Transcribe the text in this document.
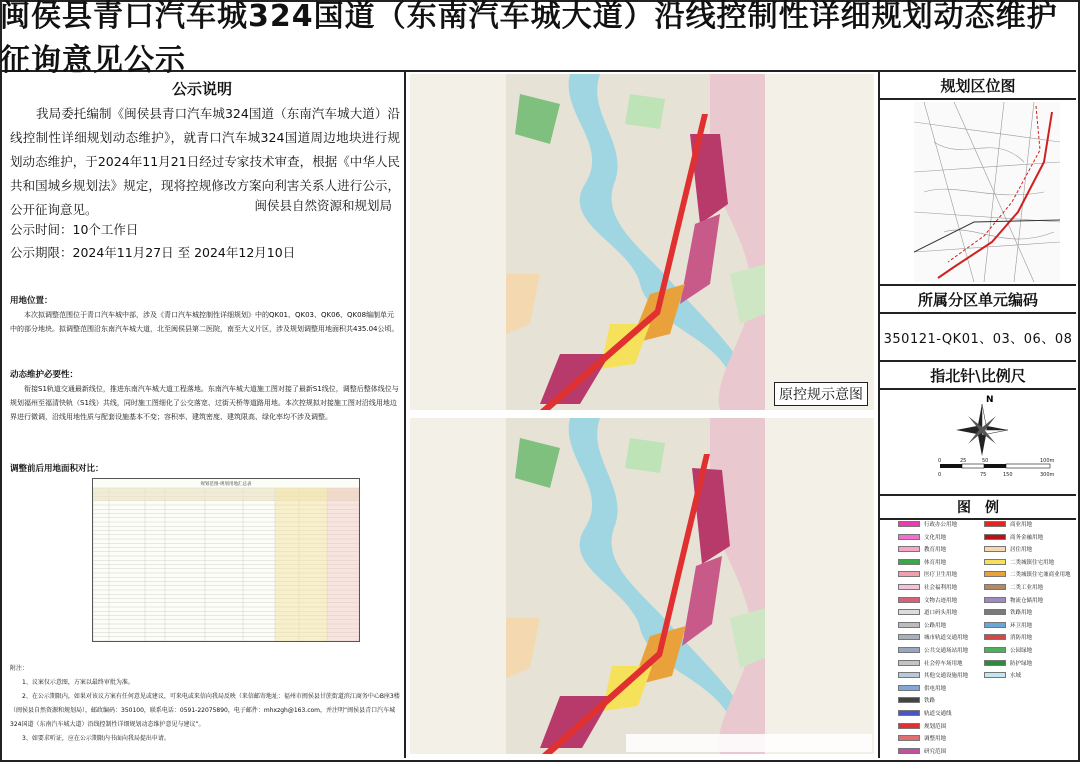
闽侯县青口汽车城324国道（东南汽车城大道）沿线控制性详细规划动态维护征询意见公示
公示说明
我局委托编制《闽侯县青口汽车城324国道（东南汽车城大道）沿线控制性详细规划动态维护》，就青口汽车城324国道周边地块进行规划动态维护，于2024年11月21日经过专家技术审查，根据《中华人民共和国城乡规划法》规定，现将控规修改方案向利害关系人进行公示，公开征询意见。	闽侯县自然资源和规划局
公示时间：10个工作日
公示期限：2024年11月27日 至 2024年12月10日
用地位置：
本次拟调整范围位于青口汽车城中部，涉及《青口汽车城控制性详细规划》中的QK01、QK03、QK06、QK08编制单元中的部分地块。拟调整范围沿东南汽车城大道，北至闽侯县第二医院，南至大义片区，涉及规划调整用地面积共435.04公顷。
动态维护必要性：
衔接S1轨道交通最新线位，推进东南汽车城大道工程落地。东南汽车城大道施工图对接了最新S1线位，调整后整体线位与规划福州至福清快轨（S1线）共线，同时施工图细化了公交落宽、过街天桥等道路用地。本次控规拟对接施工图对沿线用地边界进行微调，沿线用地性质与配套设施基本不变；容积率、建筑密度、建筑限高、绿化率均不涉及调整。
调整前后用地面积对比：
规划范围-规划用地汇总表
附注：
1、议案仅示意图，方案以最终审批为准。
2、在公示期限内，如果对该议方案有任何意见或建议，可来电或来信向我局反映（来信邮寄地址：福州市闽侯县甘蔗街道滨江商务中心B座3楼（闽侯县自然资源和规划局），邮政编码：350100，联系电话：0591-22075890，电子邮件：mhxzgh@163.com，并注明“闽侯县青口汽车城324国道（东南汽车城大道）沿线控制性详细规划动态维护意见与建议”。
3、如要求听证，应在公示期限内书面向我局提出申请。
原控规示意图
规划区位图
所属分区单元编码
350121-QK01、03、06、08
指北针\比例尺
N
0	25	50	100m
0	75	150	300m
图　例
行政办公用地	商业用地
文化用地	商务金融用地
教育用地	居住用地
体育用地	二类城镇住宅用地
医疗卫生用地	二类城镇住宅兼商业用地
社会福利用地	二类工业用地
文物古迹用地	物流仓储用地
道口码头用地	铁路用地
公路用地	环卫用地
城市轨道交通用地	消防用地
公共交通场站用地	公园绿地
社会停车场用地	防护绿地
其他交通设施用地	水域
供电用地
铁路
轨道交通线
规划范围
调整用地
研究范围
